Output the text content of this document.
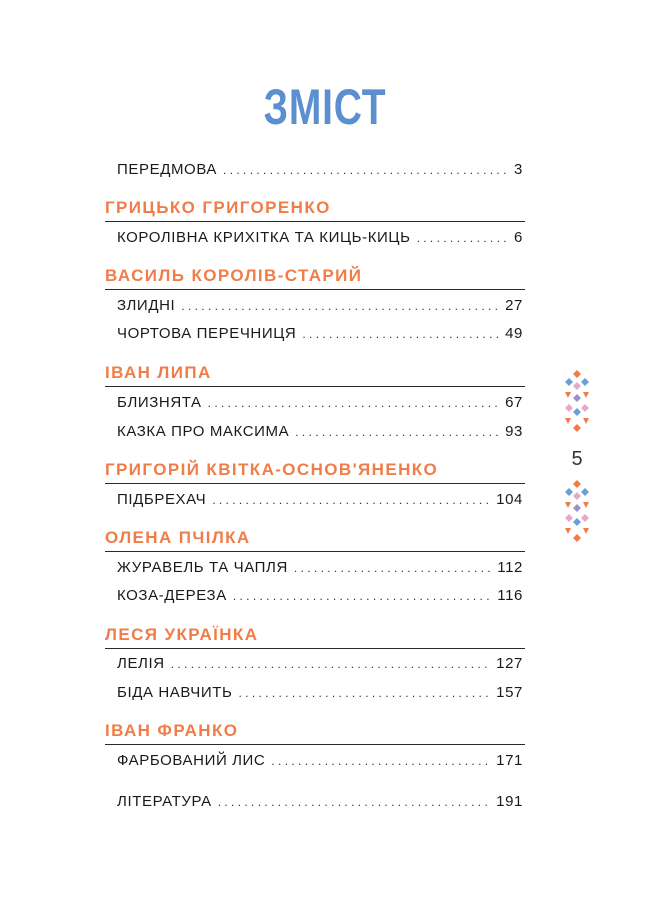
ЗМІСТ
ПЕРЕДМОВА . . .	3
ГРИЦЬКО ГРИГОРЕНКО
КОРОЛІВНА КРИХІТКА ТА КИЦЬ-КИЦЬ . . .	6
ВАСИЛЬ КОРОЛІВ-СТАРИЙ
ЗЛИДНІ . . .	27
ЧОРТОВА ПЕРЕЧНИЦЯ . . .	49
ІВАН ЛИПА
БЛИЗНЯТА . . .	67
КАЗКА ПРО МАКСИМА . . .	93
ГРИГОРІЙ КВІТКА-ОСНОВ'ЯНЕНКО
ПІДБРЕХАЧ . . .	104
ОЛЕНА ПЧІЛКА
ЖУРАВЕЛЬ ТА ЧАПЛЯ . . .	112
КОЗА-ДЕРЕЗА . . .	116
ЛЕСЯ УКРАЇНКА
ЛЕЛІЯ . . .	127
БІДА НАВЧИТЬ . . .	157
ІВАН ФРАНКО
ФАРБОВАНИЙ ЛИС . . .	171
ЛІТЕРАТУРА . . .	191
5
